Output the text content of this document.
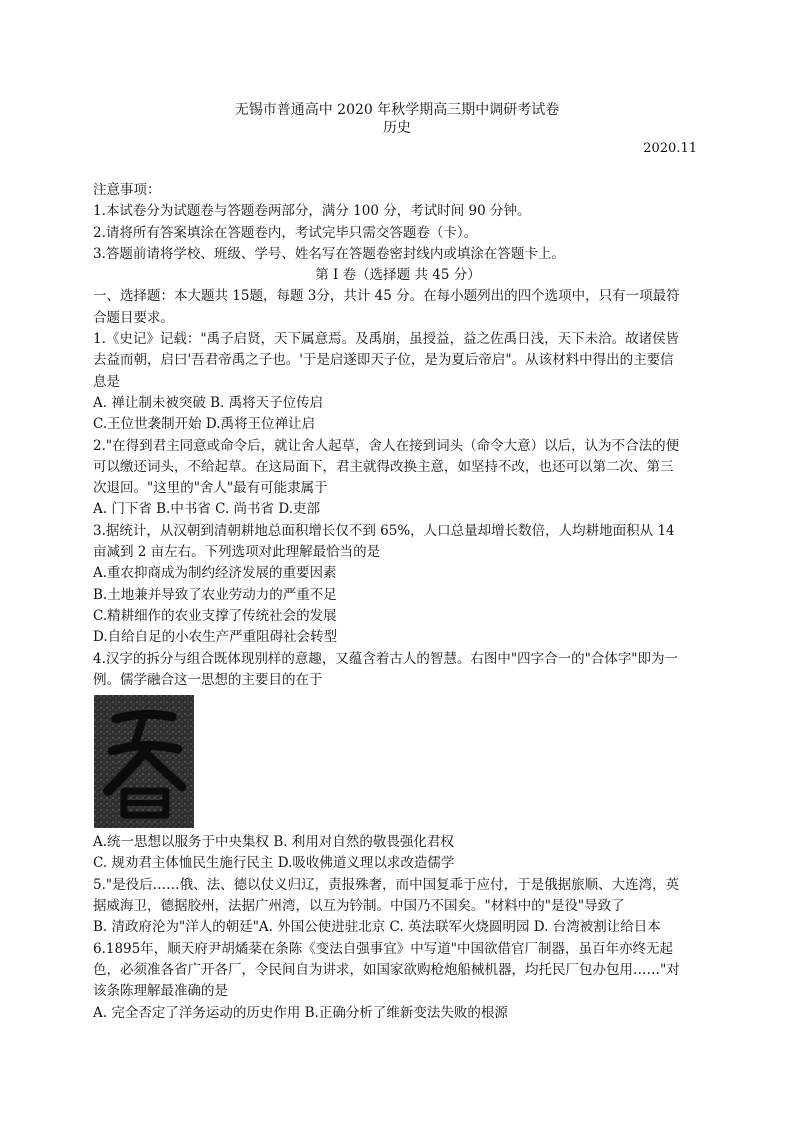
无锡市普通高中 2020 年秋学期高三期中调研考试卷
历史
2020.11

注意事项：

1.本试卷分为试题卷与答题卷两部分，满分 100 分，考试时间 90 分钟。

2.请将所有答案填涂在答题卷内，考试完毕只需交答题卷（卡）。

3.答题前请将学校、班级、学号、姓名写在答题卷密封线内或填涂在答题卡上。

第 I 卷（选择题 共 45 分）

一、选择题：本大题共 15题，每题 3分，共计 45 分。在每小题列出的四个选项中，只有一项最符

合题目要求。

1.《史记》记载："禹子启贤，天下属意焉。及禹崩，虽授益，益之佐禹日浅，天下未洽。故诸侯皆

去益而朝，启曰'吾君帝禹之子也。'于是启遂即天子位，是为夏后帝启"。从该材料中得出的主要信

息是

A. 禅让制未被突破 B. 禹将天子位传启

C.王位世袭制开始 D.禹将王位禅让启

2."在得到君主同意或命令后，就让舍人起草，舍人在接到词头（命令大意）以后，认为不合法的便

可以缴还词头，不给起草。在这局面下，君主就得改换主意，如坚持不改，也还可以第二次、第三

次退回。"这里的"舍人"最有可能隶属于

A. 门下省 B.中书省 C. 尚书省 D.吏部

3.据统计，从汉朝到清朝耕地总面积增长仅不到 65%，人口总量却增长数倍，人均耕地面积从 14

亩减到 2 亩左右。下列选项对此理解最恰当的是

A.重农抑商成为制约经济发展的重要因素

B.土地兼并导致了农业劳动力的严重不足

C.精耕细作的农业支撑了传统社会的发展

D.自给自足的小农生产严重阻碍社会转型

4.汉字的拆分与组合既体现别样的意趣，又蕴含着古人的智慧。右图中"四字合一的"合体字"即为一

例。儒学融合这一思想的主要目的在于

A.统一思想以服务于中央集权 B. 利用对自然的敬畏强化君权

C. 规劝君主体恤民生施行民主 D.吸收佛道义理以求改造儒学

5."是役后……俄、法、德以仗义归辽，责报殊奢，而中国复乖于应付，于是俄据旅顺、大连湾，英

据威海卫，德据胶州，法据广州湾，以互为钤制。中国乃不国矣。"材料中的"是役"导致了

B. 清政府沦为"洋人的朝廷"A. 外国公使进驻北京 C. 英法联军火烧圆明园 D. 台湾被割让给日本

6.1895年，顺天府尹胡燏棻在条陈《变法自强事宜》中写道"中国欲借官厂制器，虽百年亦终无起

色，必须准各省广开各厂，令民间自为讲求，如国家欲购枪炮船械机器，均托民厂包办包用……"对

该条陈理解最准确的是

A. 完全否定了洋务运动的历史作用 B.正确分析了维新变法失败的根源
